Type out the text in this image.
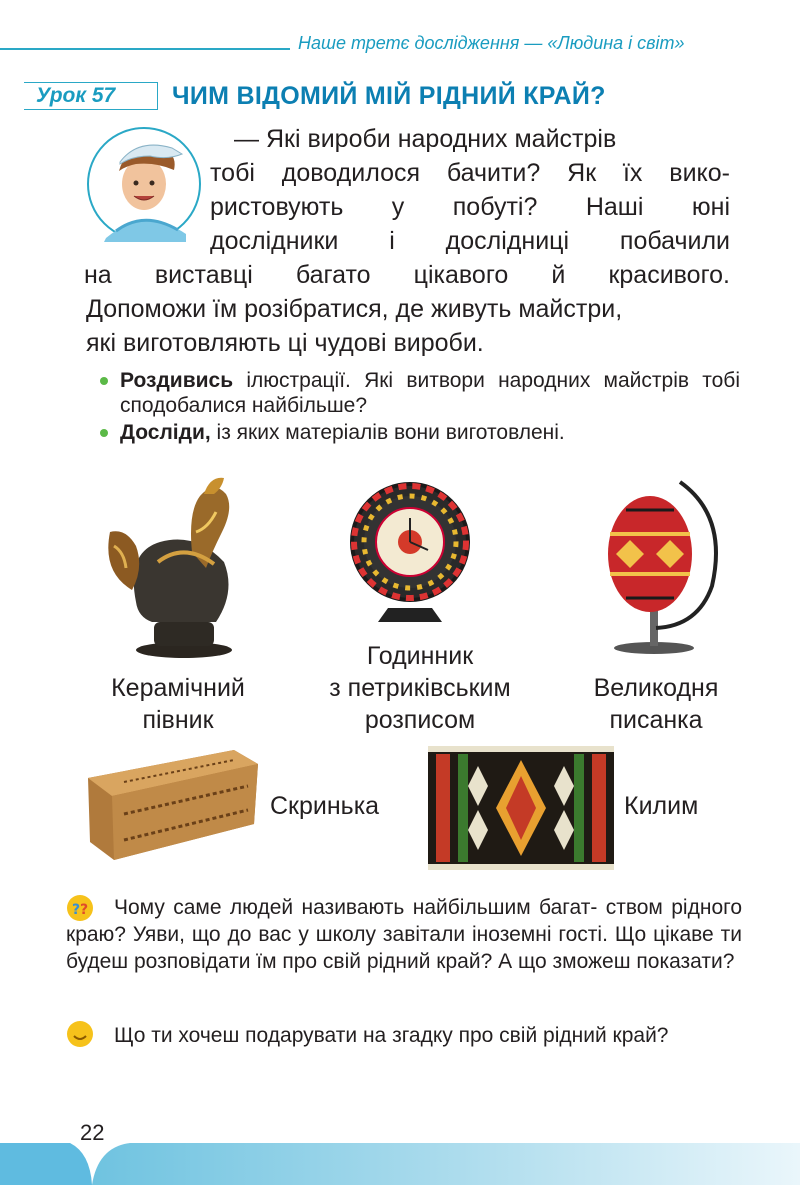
Наше третє дослідження — «Людина і світ»
Урок 57 ЧИМ ВІДОМИЙ МІЙ РІДНИЙ КРАЙ?
— Які вироби народних майстрів
тобі доводилося бачити? Як їх вико-
ристовують у побуті? Наші юні
дослідники і дослідниці побачили
на виставці багато цікавого й красивого.
Допоможи їм розібратися, де живуть майстри,
які виготовляють ці чудові вироби.
Роздивись ілюстрації. Які витвори народних майстрів тобі сподобалися найбільше?
Досліди, із яких матеріалів вони виготовлені.
Керамічний
півник
Годинник
з петриківським
розписом
Великодня
писанка
Скринька	Килим
? ?	Чому саме людей називають найбільшим багат- ством рідного краю? Уяви, що до вас у школу завітали іноземні гості. Що цікаве ти будеш розповідати їм про свій рідний край? А що зможеш показати?
Що ти хочеш подарувати на згадку про свій рідний край?
22
